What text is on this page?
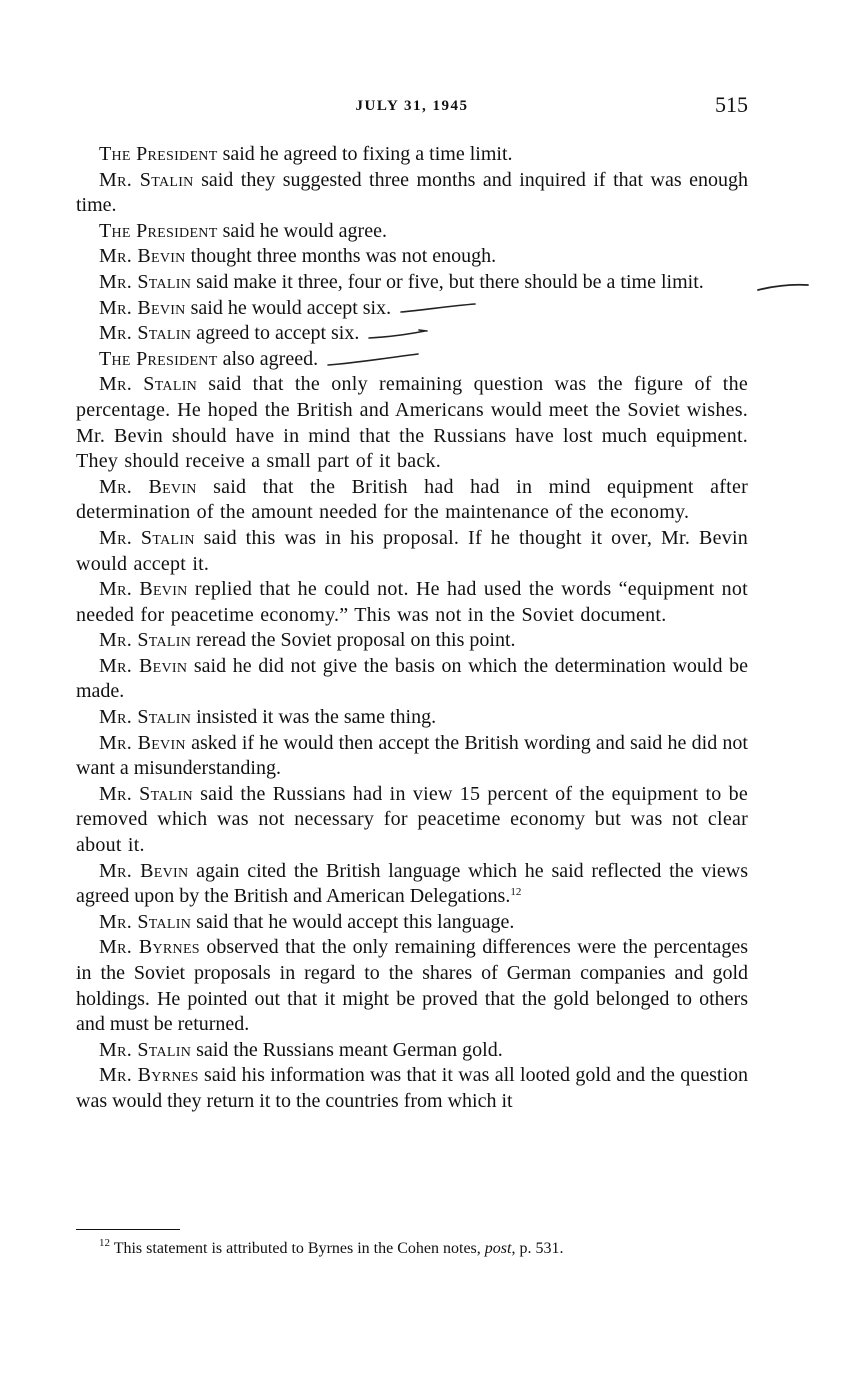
JULY 31, 1945	515

The President said he agreed to fixing a time limit.

Mr. Stalin said they suggested three months and inquired if that was enough time.

The President said he would agree.

Mr. Bevin thought three months was not enough.

Mr. Stalin said make it three, four or five, but there should be a time limit.

Mr. Bevin said he would accept six.

Mr. Stalin agreed to accept six.

The President also agreed.

Mr. Stalin said that the only remaining question was the figure of the percentage. He hoped the British and Americans would meet the Soviet wishes. Mr. Bevin should have in mind that the Russians have lost much equipment. They should receive a small part of it back.

Mr. Bevin said that the British had had in mind equipment after determination of the amount needed for the maintenance of the economy.

Mr. Stalin said this was in his proposal. If he thought it over, Mr. Bevin would accept it.

Mr. Bevin replied that he could not. He had used the words “equipment not needed for peacetime economy.” This was not in the Soviet document.

Mr. Stalin reread the Soviet proposal on this point.

Mr. Bevin said he did not give the basis on which the determination would be made.

Mr. Stalin insisted it was the same thing.

Mr. Bevin asked if he would then accept the British wording and said he did not want a misunderstanding.

Mr. Stalin said the Russians had in view 15 percent of the equipment to be removed which was not necessary for peacetime economy but was not clear about it.

Mr. Bevin again cited the British language which he said reflected the views agreed upon by the British and American Delegations.$^{12}$

Mr. Stalin said that he would accept this language.

Mr. Byrnes observed that the only remaining differences were the percentages in the Soviet proposals in regard to the shares of German companies and gold holdings. He pointed out that it might be proved that the gold belonged to others and must be returned.

Mr. Stalin said the Russians meant German gold.

Mr. Byrnes said his information was that it was all looted gold and the question was would they return it to the countries from which it

$^{12}$ This statement is attributed to Byrnes in the Cohen notes, post, p. 531.
